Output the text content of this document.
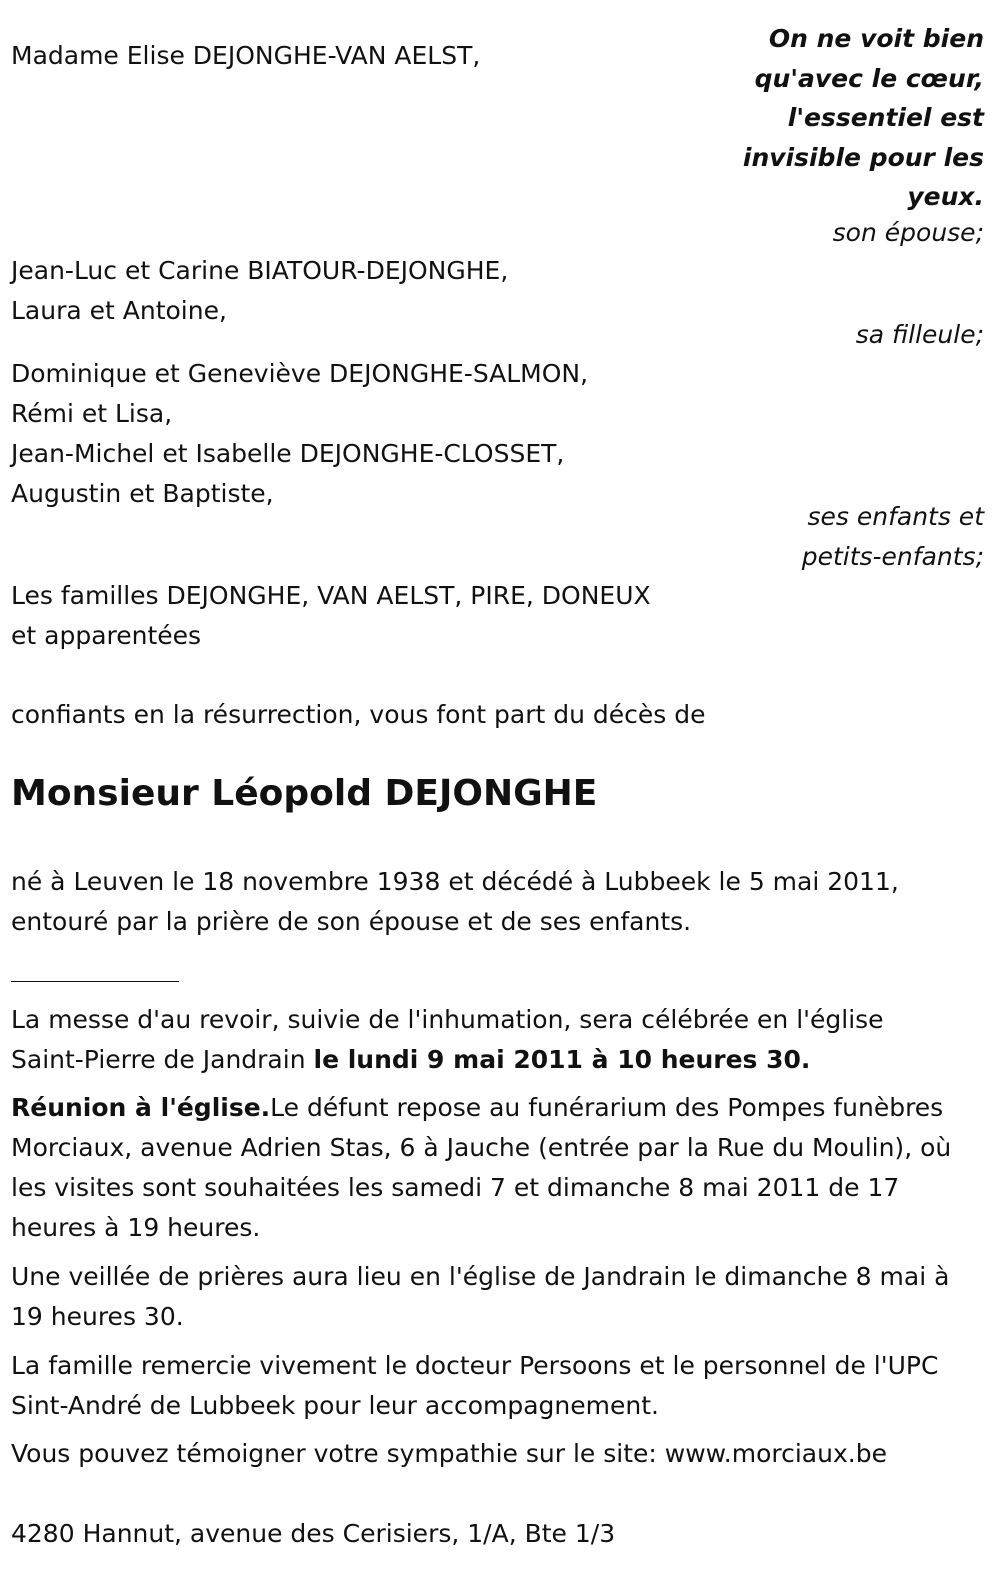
On ne voit bien
qu'avec le cœur,
l'essentiel est
invisible pour les
yeux.
Madame Elise DEJONGHE-VAN AELST,
son épouse;
Jean-Luc et Carine BIATOUR-DEJONGHE,
Laura et Antoine,
sa filleule;
Dominique et Geneviève DEJONGHE-SALMON,
Rémi et Lisa,
Jean-Michel et Isabelle DEJONGHE-CLOSSET,
Augustin et Baptiste,
ses enfants et
petits-enfants;
Les familles DEJONGHE, VAN AELST, PIRE, DONEUX
et apparentées
confiants en la résurrection, vous font part du décès de
Monsieur Léopold DEJONGHE
né à Leuven le 18 novembre 1938 et décédé à Lubbeek le 5 mai 2011,
entouré par la prière de son épouse et de ses enfants.
La messe d'au revoir, suivie de l'inhumation, sera célébrée en l'église
Saint-Pierre de Jandrain le lundi 9 mai 2011 à 10 heures 30.
Réunion à l'église.Le défunt repose au funérarium des Pompes funèbres Morciaux, avenue Adrien Stas, 6 à Jauche (entrée par la Rue du Moulin), où les visites sont souhaitées les samedi 7 et dimanche 8 mai 2011 de 17 heures à 19 heures.
Une veillée de prières aura lieu en l'église de Jandrain le dimanche 8 mai à 19 heures 30.
La famille remercie vivement le docteur Persoons et le personnel de l'UPC Sint-André de Lubbeek pour leur accompagnement.
Vous pouvez témoigner votre sympathie sur le site: www.morciaux.be
4280 Hannut, avenue des Cerisiers, 1/A, Bte 1/3
